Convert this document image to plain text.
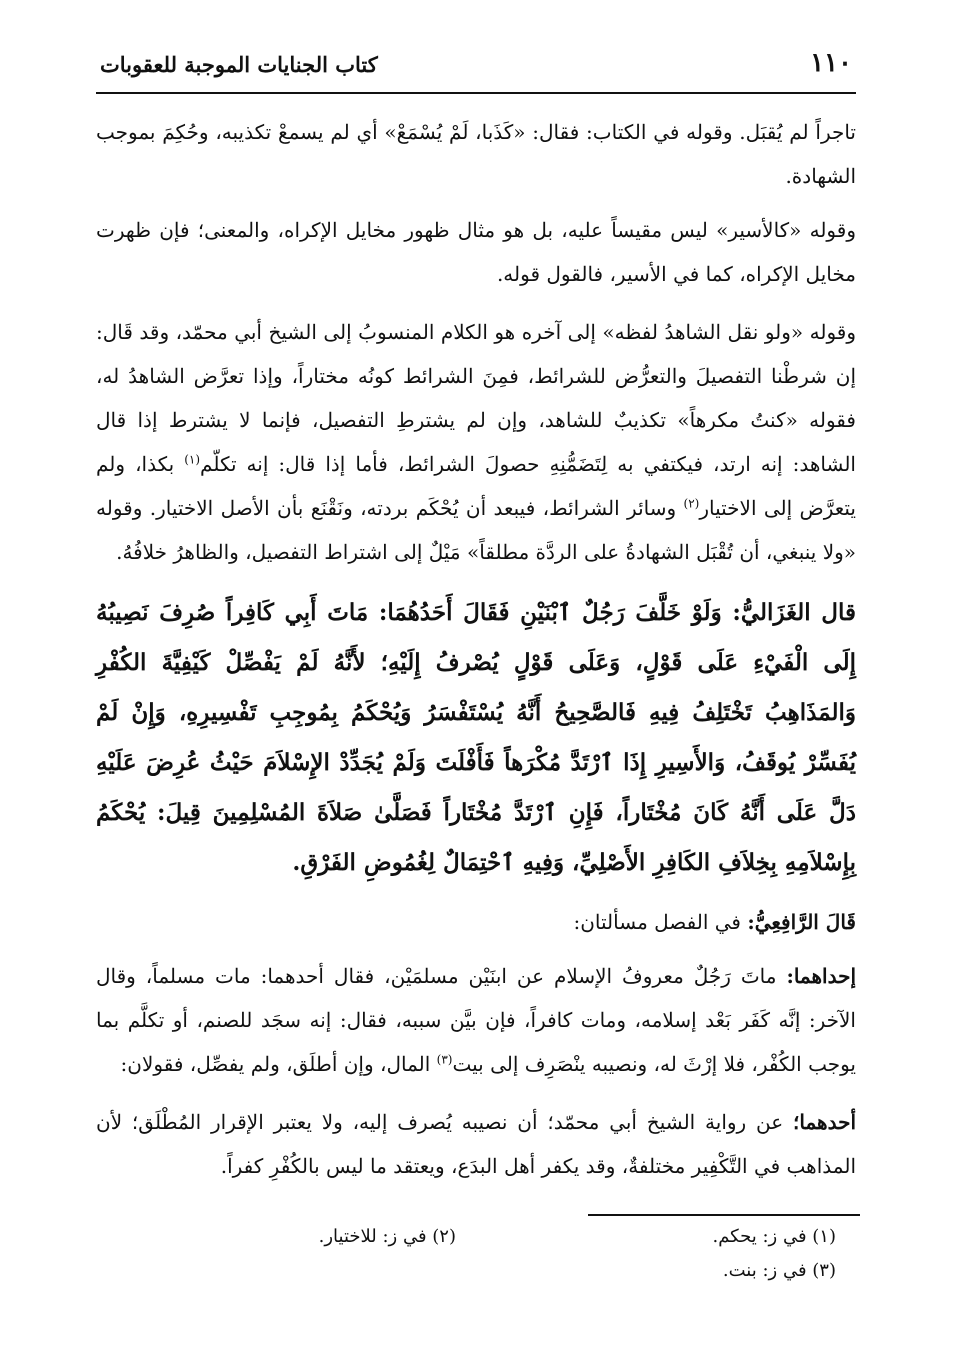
١١٠
كتاب الجنايات الموجبة للعقوبات

تاجراً لم يُقبَل. وقوله في الكتاب: فقال: «كَذَبا، لَمْ يُسْمَعْ» أي لم يسمعْ تكذيبه، وحُكِمَ بموجب الشهادة.

وقوله «كالأسير» ليس مقيساً عليه، بل هو مثال ظهور مخايل الإكراه، والمعنى؛ فإن ظهرت مخايل الإكراه، كما في الأسير، فالقول قوله.

وقوله «ولو نقل الشاهدُ لفظه» إلى آخره هو الكلام المنسوبُ إلى الشيخ أبي محمّد، وقد قَال: إن شرطْنا التفصيلَ والتعرُّض للشرائط، فمِنَ الشرائط كونُه مختاراً، وإذا تعرَّض الشاهدُ له، فقوله «كنتُ مكرهاً» تكذيبٌ للشاهد، وإن لم يشترطِ التفصيل، فإنما لا يشترط إذا قال الشاهد: إنه ارتد، فيكتفي به لِتَضَمُّنِهِ حصولَ الشرائط، فأما إذا قال: إنه تكلّم$^{(١)}$ بكذا، ولم يتعرَّض إلى الاختيار$^{(٢)}$ وسائر الشرائط، فيبعد أن يُحْكَم بردته، ونَقْنَع بأن الأصل الاختيار. وقوله «ولا ينبغي، أن تُقْبَل الشهادةُ على الردَّة مطلقاً» مَيْلٌ إلى اشتراط التفصيل، والظاهرُ خلافُهُ.

قال الغَزَاليُّ: وَلَوْ خَلَّفَ رَجُلٌ ٱبْنَيْنِ فَقَالَ أَحَدُهُمَا: مَاتَ أَبِي كَافِراً صُرِفَ نَصِيبُهُ إِلَى الْفَيْءِ عَلَى قَوْلٍ، وَعَلَى قَوْلٍ يُصْرفُ إِلَيْهِ؛ لأَنَّهُ لَمْ يَفْصِّلْ كَيْفِيَّةَ الكُفْرِ وَالمَذَاهِبُ تَخْتَلِفُ فِيهِ فَالصَّحِيحُ أَنَّهُ يُسْتَفْسَرُ وَيُحْكَمُ بِمُوجِبِ تَفْسِيرِهِ، وَإِنْ لَمْ يُفَسِّرْ يُوقَفُ، وَالأَسِيرِ إِذَا ٱرْتَدَّ مُكْرَهاً فَأَفْلَتَ وَلَمْ يُجَدِّدْ الإِسْلاَمَ حَيْثُ عُرِضَ عَلَيْهِ دَلَّ عَلَى أَنَّهُ كَانَ مُخْتَاراً، فَإِنِ ٱرْتَدَّ مُخْتَاراً فَصَلَّىٰ صَلاَةَ المُسْلِمِينَ قِيلَ: يُحْكَمُ بِإِسْلاَمِهِ بِخِلاَفِ الكَافِرِ الأَصْلِيِّ، وَفِيهِ ٱحْتِمَالٌ لِغُمُوضِ الفَرْقِ.

قَالَ الرَّافِعِيُّ: في الفصل مسألتان:

إحداهما: ماتَ رَجُلٌ معروفُ الإسلام عن ابنَيْن مسلمَيْن، فقال أحدهما: مات مسلماً، وقال الآخر: إنَّه كَفَر بَعْد إسلامه، ومات كافراً، فإن بيَّن سببه، فقال: إنه سجَد للصنم، أو تكلَّم بما يوجب الكُفْر، فلا إرْثَ له، ونصيبه ينْصَرِف إلى بيت$^{(٣)}$ المال، وإن أطلَق، ولم يفصِّل، فقولان:

أحدهما؛ عن رواية الشيخ أبي محمّد؛ أن نصيبه يُصرف إليه، ولا يعتبر الإقرار المُطْلَق؛ لأن المذاهب في التَّكْفِير مختلفةٌ، وقد يكفر أهل البدَع، ويعتقد ما ليس بالكُفْرِ كفراً.

(١) في ز: يحكم.
(٢) في ز: للاختيار.
(٣) في ز: بنت.
